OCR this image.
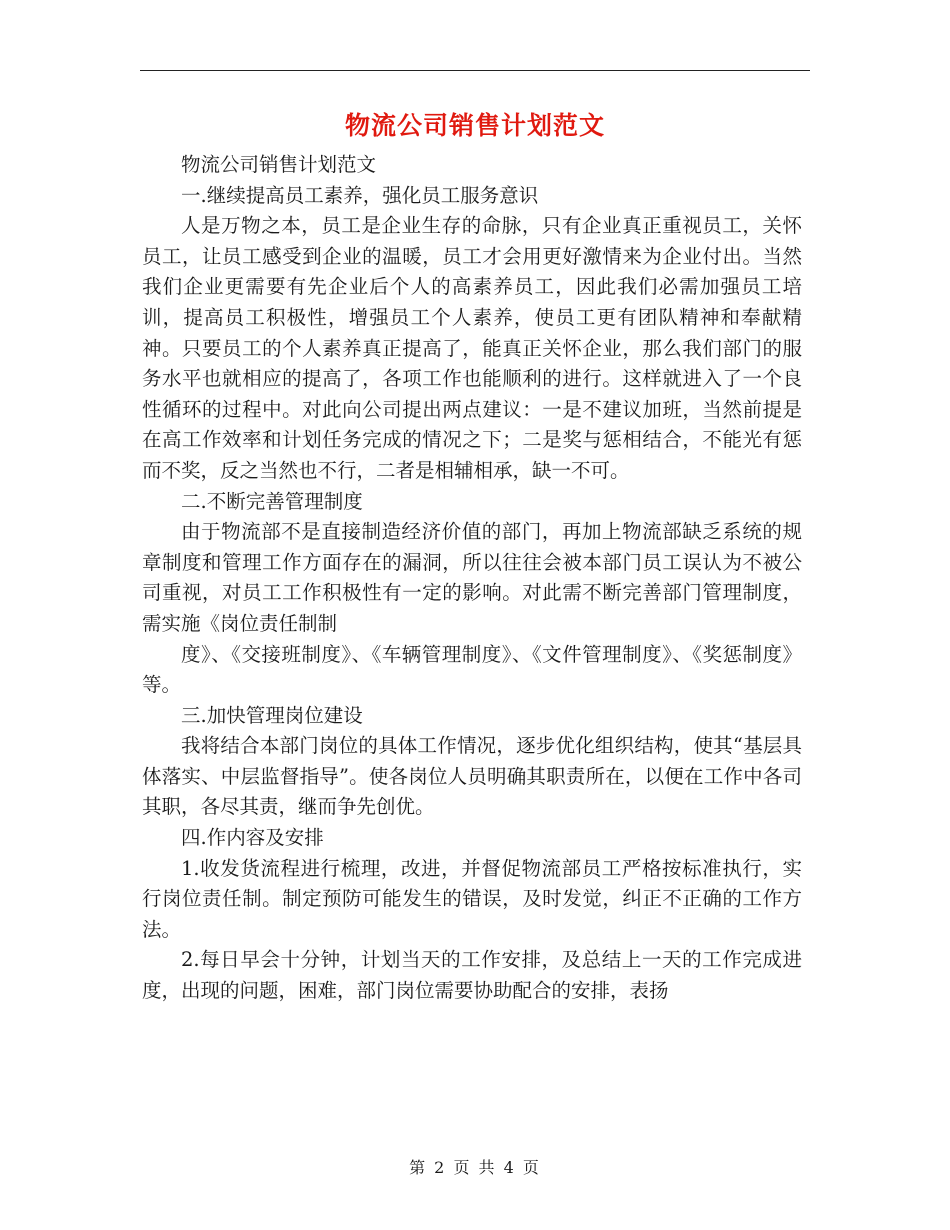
物流公司销售计划范文

物流公司销售计划范文

一.继续提高员工素养，强化员工服务意识

人是万物之本，员工是企业生存的命脉，只有企业真正重视员工，关怀员工，让员工感受到企业的温暖，员工才会用更好激情来为企业付出。当然我们企业更需要有先企业后个人的高素养员工，因此我们必需加强员工培训，提高员工积极性，增强员工个人素养，使员工更有团队精神和奉献精神。只要员工的个人素养真正提高了，能真正关怀企业，那么我们部门的服务水平也就相应的提高了，各项工作也能顺利的进行。这样就进入了一个良性循环的过程中。对此向公司提出两点建议：一是不建议加班，当然前提是在高工作效率和计划任务完成的情况之下；二是奖与惩相结合，不能光有惩而不奖，反之当然也不行，二者是相辅相承，缺一不可。

二.不断完善管理制度

由于物流部不是直接制造经济价值的部门，再加上物流部缺乏系统的规章制度和管理工作方面存在的漏洞，所以往往会被本部门员工误认为不被公司重视，对员工工作积极性有一定的影响。对此需不断完善部门管理制度，需实施《岗位责任制制

度》、《交接班制度》、《车辆管理制度》、《文件管理制度》、《奖惩制度》等。

三.加快管理岗位建设

我将结合本部门岗位的具体工作情况，逐步优化组织结构，使其“基层具体落实、中层监督指导”。使各岗位人员明确其职责所在，以便在工作中各司其职，各尽其责，继而争先创优。

四.作内容及安排

1.收发货流程进行梳理，改进，并督促物流部员工严格按标准执行，实行岗位责任制。制定预防可能发生的错误，及时发觉，纠正不正确的工作方法。

2.每日早会十分钟，计划当天的工作安排，及总结上一天的工作完成进度，出现的问题，困难，部门岗位需要协助配合的安排，表扬

第 2 页 共 4 页
